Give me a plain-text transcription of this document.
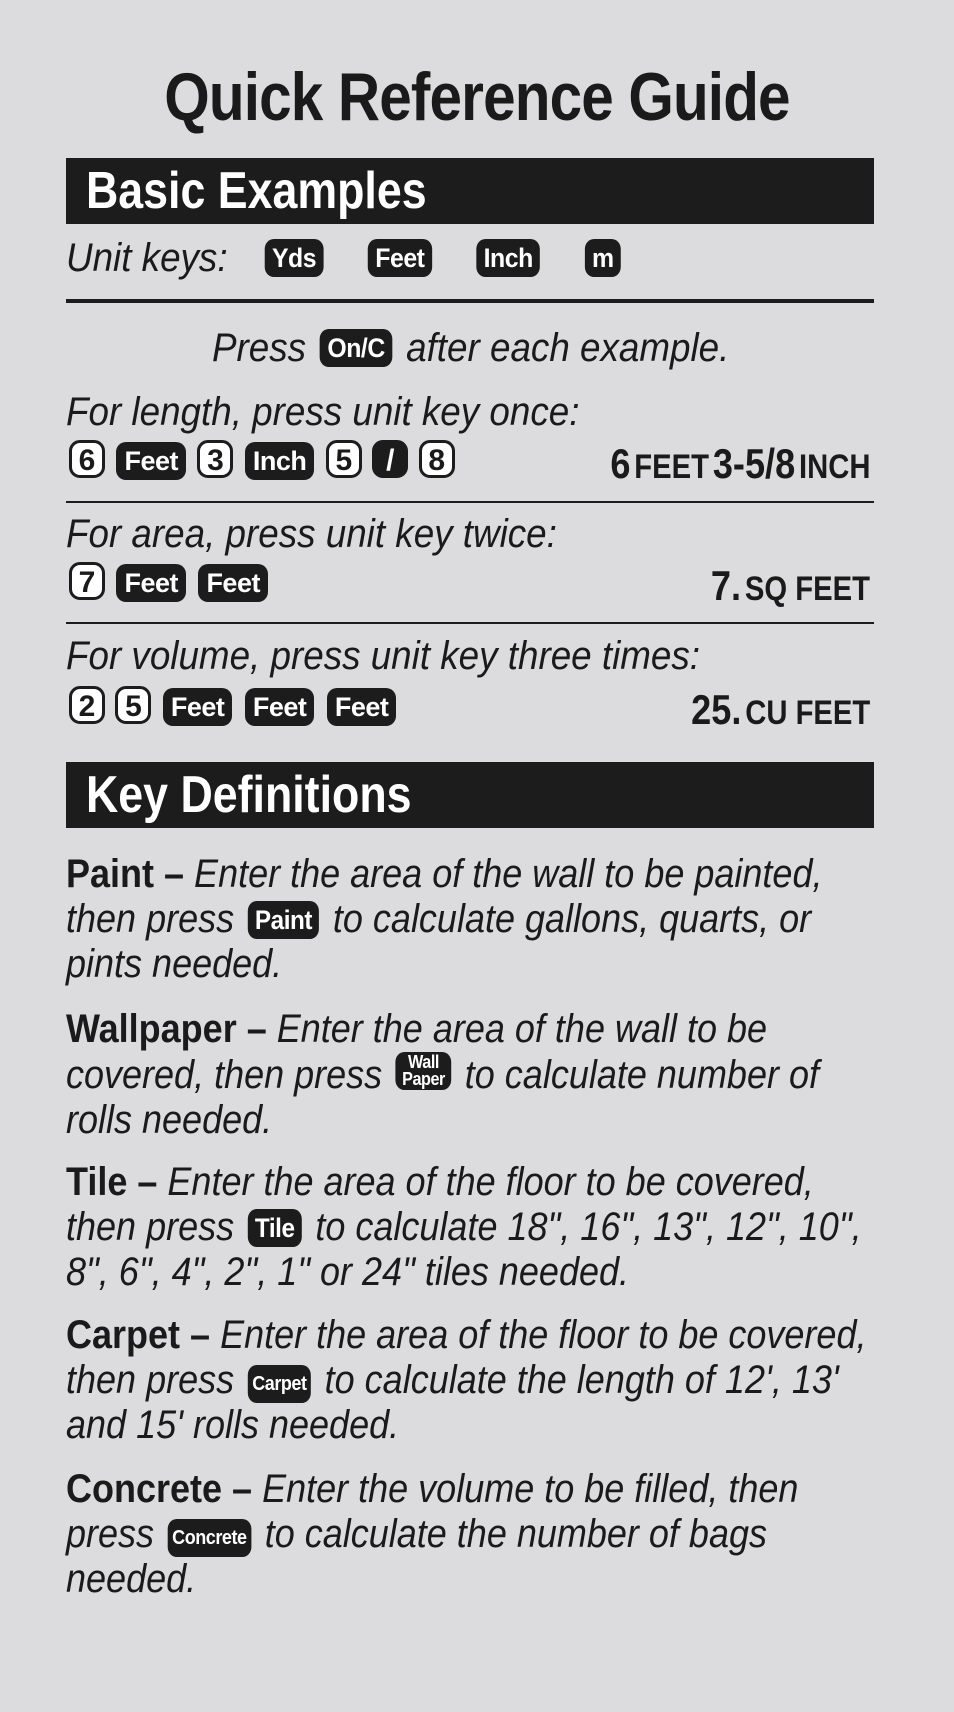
Quick Reference Guide
Basic Examples
Unit keys: Yds Feet Inch m
Press On/C after each example.
For length, press unit key once:
6 Feet 3 Inch 5 / 8	6 FEET 3-5/8 INCH
For area, press unit key twice:
7 Feet Feet	7. SQ FEET
For volume, press unit key three times:
2 5 Feet Feet Feet	25. CU FEET
Key Definitions
Paint – Enter the area of the wall to be painted, then press Paint to calculate gallons, quarts, or pints needed.
Wallpaper – Enter the area of the wall to be covered, then press	Wall
Paper to calculate number of rolls needed.
Tile – Enter the area of the floor to be covered, then press Tile to calculate 18", 16", 13", 12", 10", 8", 6", 4", 2", 1" or 24" tiles needed.
Carpet – Enter the area of the floor to be covered, then press Carpet to calculate the length of 12', 13' and 15' rolls needed.
Concrete – Enter the volume to be filled, then press Concrete to calculate the number of bags needed.
